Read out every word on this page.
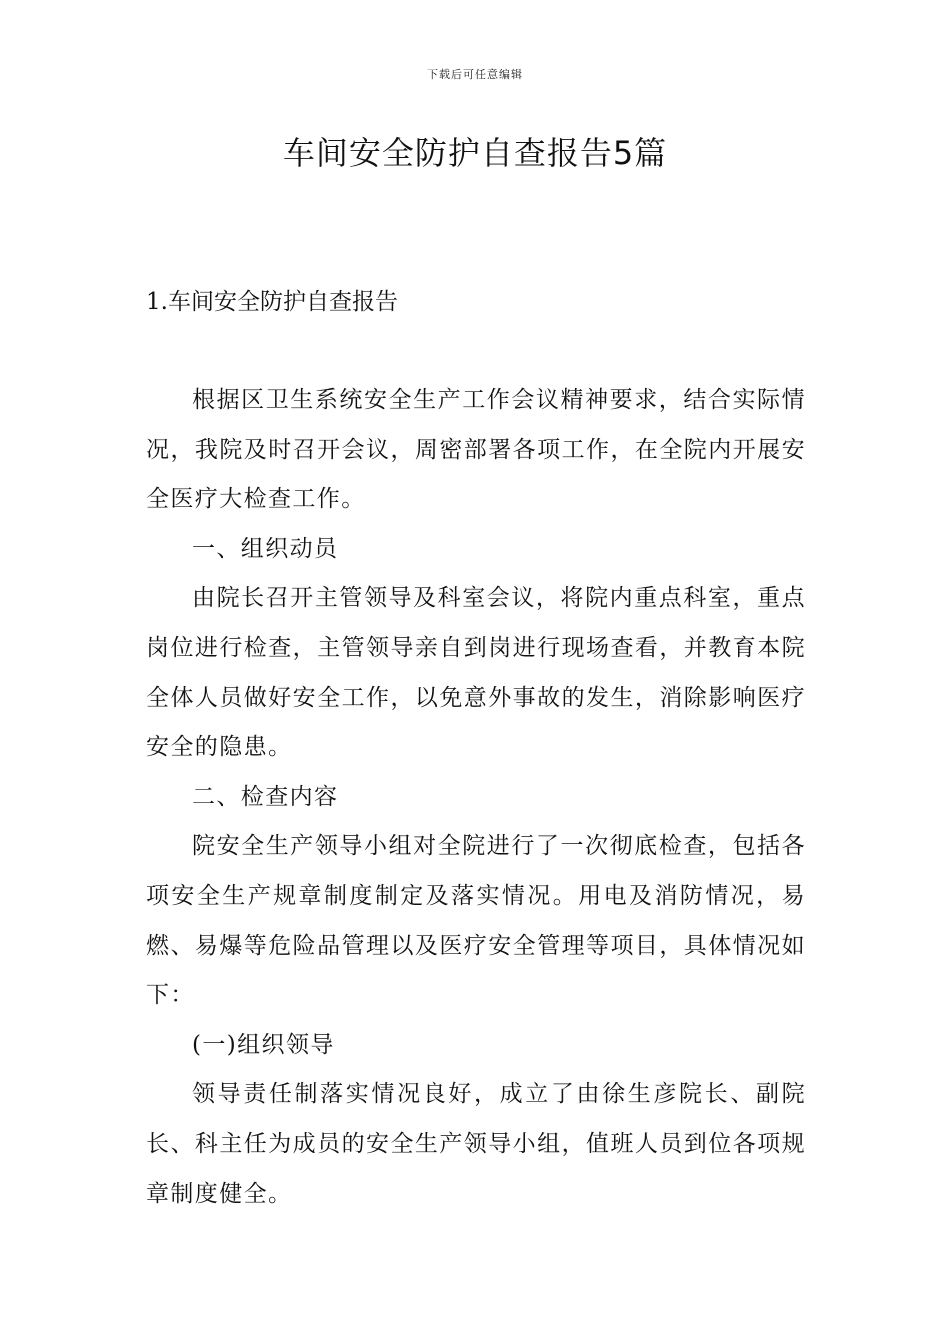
下载后可任意编辑
车间安全防护自查报告5篇
1.车间安全防护自查报告

根据区卫生系统安全生产工作会议精神要求，结合实际情况，我院及时召开会议，周密部署各项工作，在全院内开展安全医疗大检查工作。

一、组织动员

由院长召开主管领导及科室会议，将院内重点科室，重点岗位进行检查，主管领导亲自到岗进行现场查看，并教育本院全体人员做好安全工作，以免意外事故的发生，消除影响医疗安全的隐患。

二、检查内容

院安全生产领导小组对全院进行了一次彻底检查，包括各项安全生产规章制度制定及落实情况。用电及消防情况，易燃、易爆等危险品管理以及医疗安全管理等项目，具体情况如下：

(一)组织领导

领导责任制落实情况良好，成立了由徐生彦院长、副院长、科主任为成员的安全生产领导小组，值班人员到位各项规章制度健全。
